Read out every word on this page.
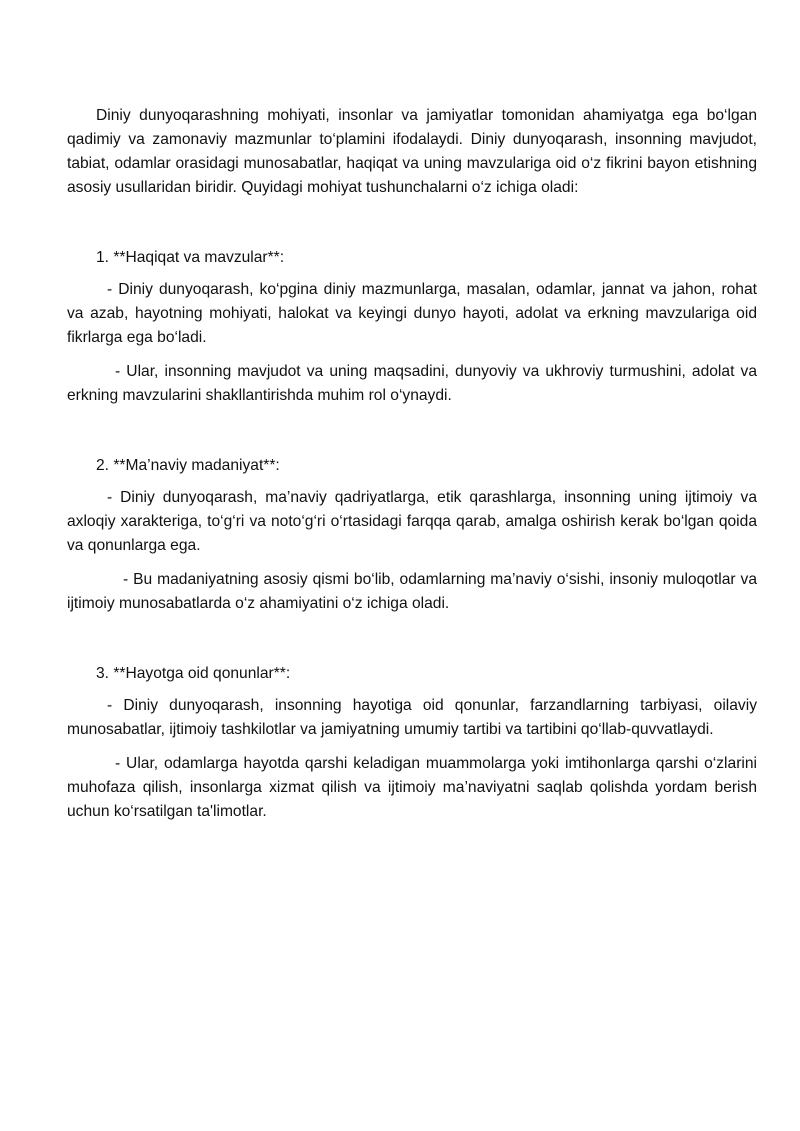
Diniy dunyoqarashning mohiyati, insonlar va jamiyatlar tomonidan ahamiyatga ega bo‘lgan qadimiy va zamonaviy mazmunlar to‘plamini ifodalaydi. Diniy dunyoqarash, insonning mavjudot, tabiat, odamlar orasidagi munosabatlar, haqiqat va uning mavzulariga oid o‘z fikrini bayon etishning asosiy usullaridan biridir. Quyidagi mohiyat tushunchalarni o‘z ichiga oladi:

1. **Haqiqat va mavzular**:

- Diniy dunyoqarash, ko‘pgina diniy mazmunlarga, masalan, odamlar, jannat va jahon, rohat va azab, hayotning mohiyati, halokat va keyingi dunyo hayoti, adolat va erkning mavzulariga oid fikrlarga ega bo‘ladi.

- Ular, insonning mavjudot va uning maqsadini, dunyoviy va ukhroviy turmushini, adolat va erkning mavzularini shakllantirishda muhim rol o‘ynaydi.

2. **Ma’naviy madaniyat**:

- Diniy dunyoqarash, ma’naviy qadriyatlarga, etik qarashlarga, insonning uning ijtimoiy va axloqiy xarakteriga, to‘g‘ri va noto‘g‘ri o‘rtasidagi farqqa qarab, amalga oshirish kerak bo‘lgan qoida va qonunlarga ega.

- Bu madaniyatning asosiy qismi bo‘lib, odamlarning ma’naviy o‘sishi, insoniy muloqotlar va ijtimoiy munosabatlarda o‘z ahamiyatini o‘z ichiga oladi.

3. **Hayotga oid qonunlar**:

- Diniy dunyoqarash, insonning hayotiga oid qonunlar, farzandlarning tarbiyasi, oilaviy munosabatlar, ijtimoiy tashkilotlar va jamiyatning umumiy tartibi va tartibini qo‘llab-quvvatlaydi.

- Ular, odamlarga hayotda qarshi keladigan muammolarga yoki imtihonlarga qarshi o‘zlarini muhofaza qilish, insonlarga xizmat qilish va ijtimoiy ma’naviyatni saqlab qolishda yordam berish uchun ko‘rsatilgan ta'limotlar.
